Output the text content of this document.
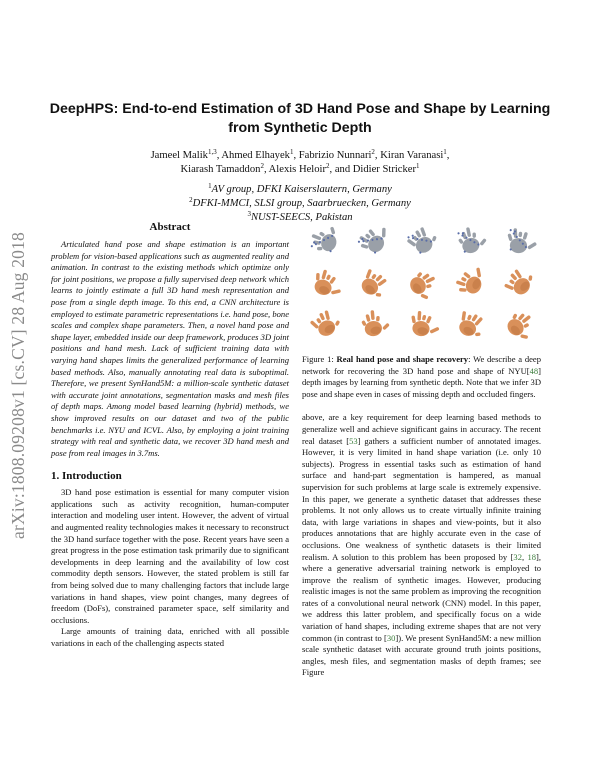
arXiv:1808.09208v1 [cs.CV] 28 Aug 2018
DeepHPS: End-to-end Estimation of 3D Hand Pose and Shape by Learning from Synthetic Depth
Jameel Malik$^{1,3}$, Ahmed Elhayek$^1$, Fabrizio Nunnari$^2$, Kiran Varanasi$^1$,
Kiarash Tamaddon$^2$, Alexis Heloir$^2$, and Didier Stricker$^1$
$^1$AV group, DFKI Kaiserslautern, Germany
$^2$DFKI-MMCI, SLSI group, Saarbruecken, Germany
$^3$NUST-SEECS, Pakistan
Abstract

Articulated hand pose and shape estimation is an important problem for vision-based applications such as augmented reality and animation. In contrast to the existing methods which optimize only for joint positions, we propose a fully supervised deep network which learns to jointly estimate a full 3D hand mesh representation and pose from a single depth image. To this end, a CNN architecture is employed to estimate parametric representations i.e. hand pose, bone scales and complex shape parameters. Then, a novel hand pose and shape layer, embedded inside our deep framework, produces 3D joint positions and hand mesh. Lack of sufficient training data with varying hand shapes limits the generalized performance of learning based methods. Also, manually annotating real data is suboptimal. Therefore, we present SynHand5M: a million-scale synthetic dataset with accurate joint annotations, segmentation masks and mesh files of depth maps. Among model based learning (hybrid) methods, we show improved results on our dataset and two of the public benchmarks i.e. NYU and ICVL. Also, by employing a joint training strategy with real and synthetic data, we recover 3D hand mesh and pose from real images in 3.7ms.

1. Introduction

3D hand pose estimation is essential for many computer vision applications such as activity recognition, human-computer interaction and modeling user intent. However, the advent of virtual and augmented reality technologies makes it necessary to reconstruct the 3D hand surface together with the pose. Recent years have seen a great progress in the pose estimation task primarily due to significant developments in deep learning and the availability of low cost commodity depth sensors. However, the stated problem is still far from being solved due to many challenging factors that include large variations in hand shapes, view point changes, many degrees of freedom (DoFs), constrained parameter space, self similarity and occlusions.

Large amounts of training data, enriched with all possible variations in each of the challenging aspects stated

Figure 1: Real hand pose and shape recovery: We describe a deep network for recovering the 3D hand pose and shape of NYU[48] depth images by learning from synthetic depth. Note that we infer 3D pose and shape even in cases of missing depth and occluded fingers.

above, are a key requirement for deep learning based methods to generalize well and achieve significant gains in accuracy. The recent real dataset [53] gathers a sufficient number of annotated images. However, it is very limited in hand shape variation (i.e. only 10 subjects). Progress in essential tasks such as estimation of hand surface and hand-part segmentation is hampered, as manual supervision for such problems at large scale is extremely expensive. In this paper, we generate a synthetic dataset that addresses these problems. It not only allows us to create virtually infinite training data, with large variations in shapes and view-points, but it also produces annotations that are highly accurate even in the case of occlusions. One weakness of synthetic datasets is their limited realism. A solution to this problem has been proposed by [32, 18], where a generative adversarial training network is employed to improve the realism of synthetic images. However, producing realistic images is not the same problem as improving the recognition rates of a convolutional neural network (CNN) model. In this paper, we address this latter problem, and specifically focus on a wide variation of hand shapes, including extreme shapes that are not very common (in contrast to [30]). We present SynHand5M: a new million scale synthetic dataset with accurate ground truth joints positions, angles, mesh files, and segmentation masks of depth frames; see Figure
